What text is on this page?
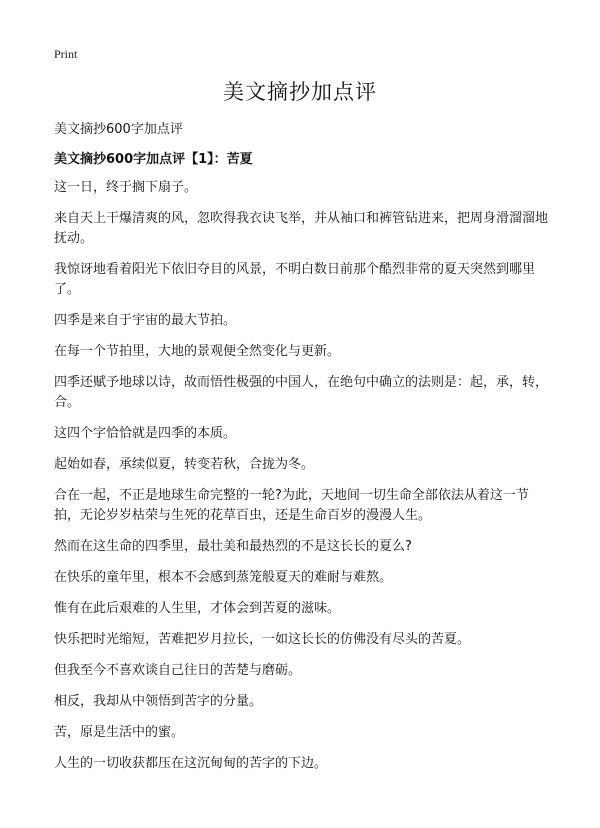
Print
美文摘抄加点评

美文摘抄600字加点评

美文摘抄600字加点评【1】：苦夏

这一日，终于搁下扇子。

来自天上干爆清爽的风，忽吹得我衣诀飞举，并从袖口和裤管钻进来，把周身滑溜溜地抚动。

我惊讶地看着阳光下依旧夺目的风景，不明白数日前那个酷烈非常的夏天突然到哪里了。

四季是来自于宇宙的最大节拍。

在每一个节拍里，大地的景观便全然变化与更新。

四季还赋予地球以诗，故而悟性极强的中国人，在绝句中确立的法则是：起，承，转，合。

这四个字恰恰就是四季的本质。

起始如春，承续似夏，转变若秋，合拢为冬。

合在一起，不正是地球生命完整的一轮?为此，天地间一切生命全部依法从着这一节拍，无论岁岁枯荣与生死的花草百虫，还是生命百岁的漫漫人生。

然而在这生命的四季里，最壮美和最热烈的不是这长长的夏么?

在快乐的童年里，根本不会感到蒸笼般夏天的难耐与难熬。

惟有在此后艰难的人生里，才体会到苦夏的滋味。

快乐把时光缩短，苦难把岁月拉长，一如这长长的仿佛没有尽头的苦夏。

但我至今不喜欢谈自己往日的苦楚与磨砺。

相反，我却从中领悟到苦字的分量。

苦，原是生活中的蜜。

人生的一切收获都压在这沉甸甸的苦字的下边。
